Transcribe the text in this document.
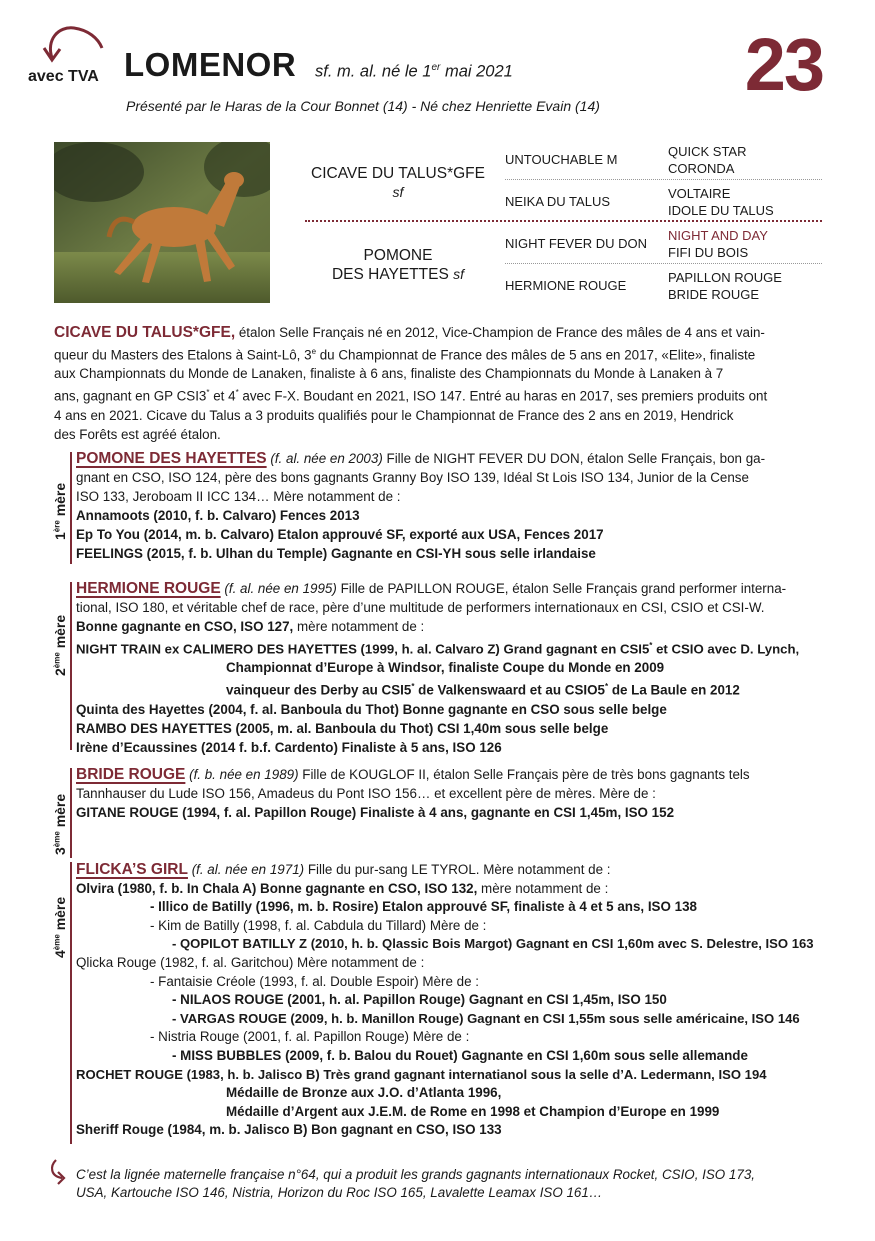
avec TVA LOMENOR sf. m. al. né le 1er mai 2021
Présenté par le Haras de la Cour Bonnet (14) - Né chez Henriette Evain (14) 23
CICAVE DU TALUS*GFE
sf
POMONE
DES HAYETTES sf
UNTOUCHABLE M
NEIKA DU TALUS
NIGHT FEVER DU DON
HERMIONE ROUGE
QUICK STAR
CORONDA
VOLTAIRE
IDOLE DU TALUS
NIGHT AND DAY
FIFI DU BOIS
PAPILLON ROUGE
BRIDE ROUGE
CICAVE DU TALUS*GFE, étalon Selle Français né en 2012, Vice-Champion de France des mâles de 4 ans et vain-
queur du Masters des Etalons à Saint-Lô, 3e du Championnat de France des mâles de 5 ans en 2017, «Elite», finaliste
aux Championnats du Monde de Lanaken, finaliste à 6 ans, finaliste des Championnats du Monde à Lanaken à 7
ans, gagnant en GP CSI3* et 4* avec F-X. Boudant en 2021, ISO 147. Entré au haras en 2017, ses premiers produits ont
4 ans en 2021. Cicave du Talus a 3 produits qualifiés pour le Championnat de France des 2 ans en 2019, Hendrick
des Forêts est agréé étalon.
1ère mère
POMONE DES HAYETTES (f. al. née en 2003) Fille de NIGHT FEVER DU DON, étalon Selle Français, bon ga-
gnant en CSO, ISO 124, père des bons gagnants Granny Boy ISO 139, Idéal St Lois ISO 134, Junior de la Cense
ISO 133, Jeroboam II ICC 134… Mère notamment de :
Annamoots (2010, f. b. Calvaro) Fences 2013
Ep To You (2014, m. b. Calvaro) Etalon approuvé SF, exporté aux USA, Fences 2017
FEELINGS (2015, f. b. Ulhan du Temple) Gagnante en CSI-YH sous selle irlandaise
2ème mère
HERMIONE ROUGE (f. al. née en 1995) Fille de PAPILLON ROUGE, étalon Selle Français grand performer interna-
tional, ISO 180, et véritable chef de race, père d’une multitude de performers internationaux en CSI, CSIO et CSI-W.
Bonne gagnante en CSO, ISO 127, mère notamment de :
NIGHT TRAIN ex CALIMERO DES HAYETTES (1999, h. al. Calvaro Z) Grand gagnant en CSI5* et CSIO avec D. Lynch,
Championnat d’Europe à Windsor, finaliste Coupe du Monde en 2009
vainqueur des Derby au CSI5* de Valkenswaard et au CSIO5* de La Baule en 2012
Quinta des Hayettes (2004, f. al. Banboula du Thot) Bonne gagnante en CSO sous selle belge
RAMBO DES HAYETTES (2005, m. al. Banboula du Thot) CSI 1,40m sous selle belge
Irène d’Ecaussines (2014 f. b.f. Cardento) Finaliste à 5 ans, ISO 126
3ème mère
BRIDE ROUGE (f. b. née en 1989) Fille de KOUGLOF II, étalon Selle Français père de très bons gagnants tels
Tannhauser du Lude ISO 156, Amadeus du Pont ISO 156… et excellent père de mères. Mère de :
GITANE ROUGE (1994, f. al. Papillon Rouge) Finaliste à 4 ans, gagnante en CSI 1,45m, ISO 152
4ème mère
FLICKA’S GIRL (f. al. née en 1971) Fille du pur-sang LE TYROL. Mère notamment de :
Olvira (1980, f. b. In Chala A) Bonne gagnante en CSO, ISO 132, mère notamment de :
- Illico de Batilly (1996, m. b. Rosire) Etalon approuvé SF, finaliste à 4 et 5 ans, ISO 138
- Kim de Batilly (1998, f. al. Cabdula du Tillard) Mère de :
- QOPILOT BATILLY Z (2010, h. b. Qlassic Bois Margot) Gagnant en CSI 1,60m avec S. Delestre, ISO 163
Qlicka Rouge (1982, f. al. Garitchou) Mère notamment de :
- Fantaisie Créole (1993, f. al. Double Espoir) Mère de :
- NILAOS ROUGE (2001, h. al. Papillon Rouge) Gagnant en CSI 1,45m, ISO 150
- VARGAS ROUGE (2009, h. b. Manillon Rouge) Gagnant en CSI 1,55m sous selle américaine, ISO 146
- Nistria Rouge (2001, f. al. Papillon Rouge) Mère de :
- MISS BUBBLES (2009, f. b. Balou du Rouet) Gagnante en CSI 1,60m sous selle allemande
ROCHET ROUGE (1983, h. b. Jalisco B) Très grand gagnant internatianol sous la selle d’A. Ledermann, ISO 194
Médaille de Bronze aux J.O. d’Atlanta 1996,
Médaille d’Argent aux J.E.M. de Rome en 1998 et Champion d’Europe en 1999
Sheriff Rouge (1984, m. b. Jalisco B) Bon gagnant en CSO, ISO 133
C’est la lignée maternelle française n°64, qui a produit les grands gagnants internationaux Rocket, CSIO, ISO 173,
USA, Kartouche ISO 146, Nistria, Horizon du Roc ISO 165, Lavalette Leamax ISO 161…
